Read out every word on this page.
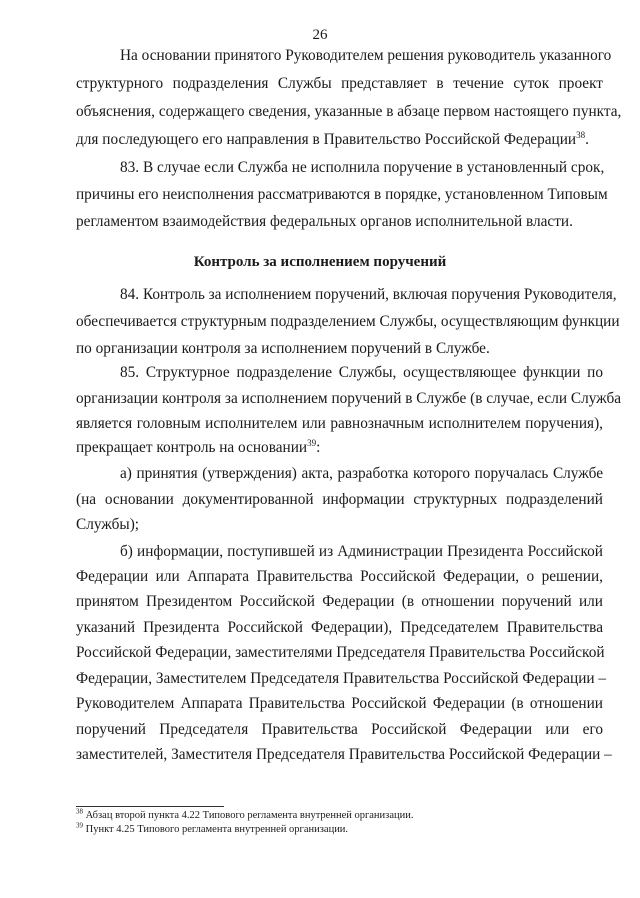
26
На основании принятого Руководителем решения руководитель указанного
структурного подразделения Службы представляет в течение суток проект
объяснения, содержащего сведения, указанные в абзаце первом настоящего пункта,
для последующего его направления в Правительство Российской Федерации$^{38}$.
83. В случае если Служба не исполнила поручение в установленный срок,
причины его неисполнения рассматриваются в порядке, установленном Типовым
регламентом взаимодействия федеральных органов исполнительной власти.
Контроль за исполнением поручений
84. Контроль за исполнением поручений, включая поручения Руководителя,
обеспечивается структурным подразделением Службы, осуществляющим функции
по организации контроля за исполнением поручений в Службе.
85. Структурное подразделение Службы, осуществляющее функции по
организации контроля за исполнением поручений в Службе (в случае, если Служба
является головным исполнителем или равнозначным исполнителем поручения),
прекращает контроль на основании$^{39}$:
а) принятия (утверждения) акта, разработка которого поручалась Службе
(на основании документированной информации структурных подразделений
Службы);
б) информации, поступившей из Администрации Президента Российской
Федерации или Аппарата Правительства Российской Федерации, о решении,
принятом Президентом Российской Федерации (в отношении поручений или
указаний Президента Российской Федерации), Председателем Правительства
Российской Федерации, заместителями Председателя Правительства Российской
Федерации, Заместителем Председателя Правительства Российской Федерации –
Руководителем Аппарата Правительства Российской Федерации (в отношении
поручений Председателя Правительства Российской Федерации или его
заместителей, Заместителя Председателя Правительства Российской Федерации –
$^{38}$ Абзац второй пункта 4.22 Типового регламента внутренней организации.
$^{39}$ Пункт 4.25 Типового регламента внутренней организации.
